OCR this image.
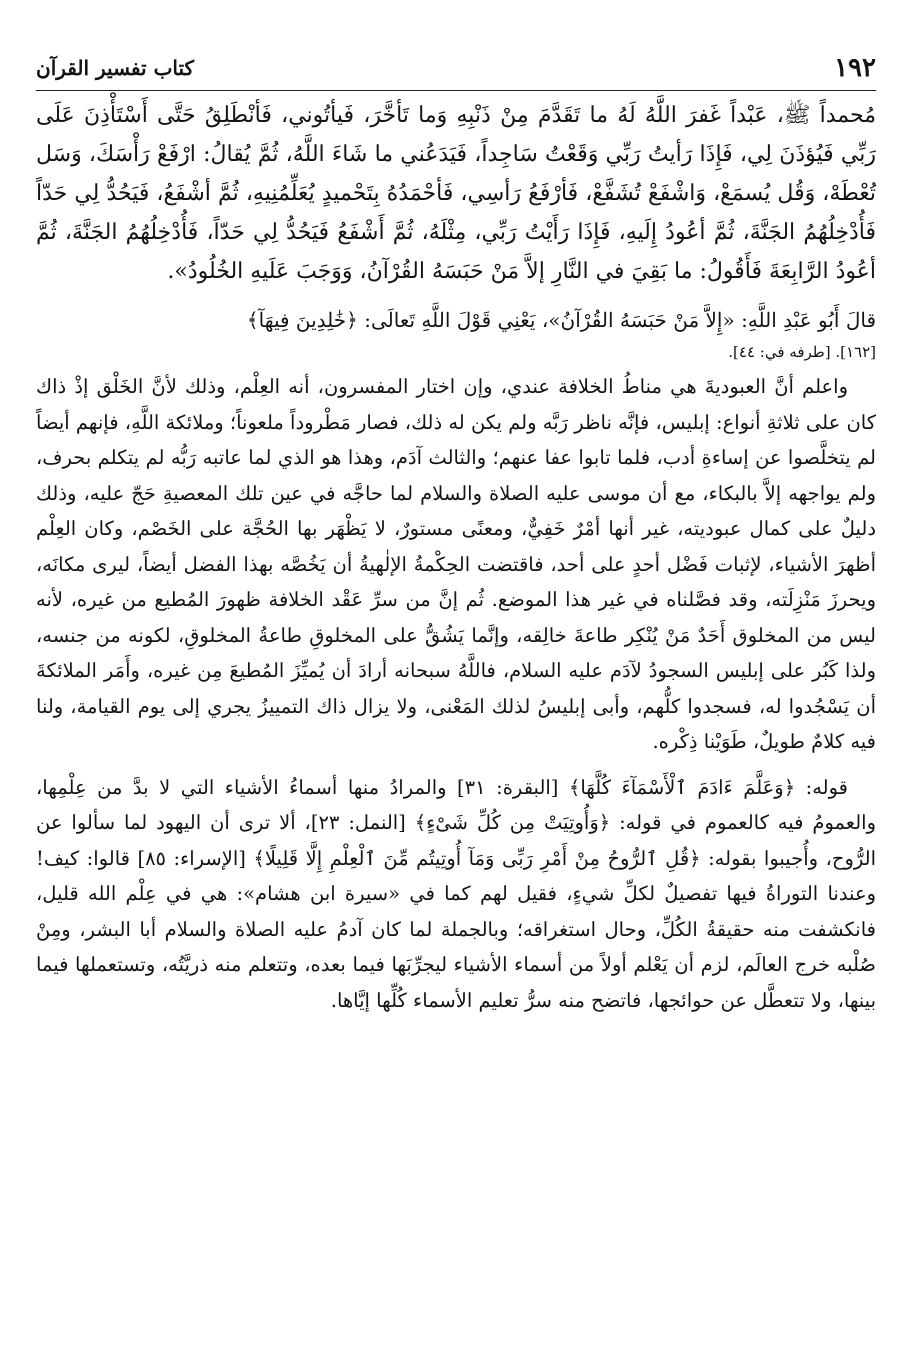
١٩٢
كتاب تفسير القرآن

مُحمداً ﷺ، عَبْداً غَفرَ اللَّهُ لَهُ ما تَقَدَّمَ مِنْ ذَنْبِهِ وَما تَأخَّرَ، فَيأتُوني، فَأنْطَلِقُ حَتَّى أَسْتَأْذِنَ عَلَى رَبِّي فَيُؤذَنَ لِي، فَإِذَا رَأيتُ رَبِّي وَقَعْتُ سَاجِداً، فَيَدَعُني ما شَاءَ اللَّهُ، ثُمَّ يُقالُ: ارْفَعْ رَأْسَكَ، وَسَل تُعْطَهْ، وَقُل يُسمَعْ، وَاشْفَعْ تُشَفَّعْ، فَأرْفَعُ رَأسِي، فَأحْمَدُهُ بِتَحْميدٍ يُعَلِّمُنِيهِ، ثُمَّ أشْفَعُ، فَيَحُدُّ لِي حَدّاً فَأُدْخِلُهُمُ الجَنَّةَ، ثُمَّ أعُودُ إِلَيهِ، فَإِذَا رَأَيْتُ رَبِّي، مِثْلَهُ، ثُمَّ أَشْفَعُ فَيَحُدُّ لِي حَدّاً، فَأُدْخِلُهُمُ الجَنَّةَ، ثُمَّ أعُودُ الرَّابِعَةَ فَأَقُولُ: ما بَقِيَ في النَّارِ إلاَّ مَنْ حَبَسَهُ القُرْآنُ، وَوَجَبَ عَلَيهِ الخُلُودُ».

قالَ أَبُو عَبْدِ اللَّهِ: «إِلاَّ مَنْ حَبَسَهُ القُرْآنُ»، يَعْنِي قَوْلَ اللَّهِ تَعالَى: ﴿خَٰلِدِينَ فِيهَآ﴾

[١٦٢]. [طرفه في: ٤٤].

واعلم أنَّ العبوديةَ هي مناطُ الخلافة عندي، وإن اختار المفسرون، أنه العِلْم، وذلك لأنَّ الخَلْق إذْ ذاك كان على ثلاثةِ أنواع: إبليس، فإنَّه ناظر رَبَّه ولم يكن له ذلك، فصار مَطْروداً ملعوناً؛ وملائكة اللَّهِ، فإنهم أيضاً لم يتخلَّصوا عن إساءةِ أدب، فلما تابوا عفا عنهم؛ والثالث آدَم، وهذا هو الذي لما عاتبه رَبُّه لم يتكلم بحرف، ولم يواجهه إلاَّ بالبكاء، مع أن موسى عليه الصلاة والسلام لما حاجَّه في عين تلك المعصيةِ حَجّ عليه، وذلك دليلٌ على كمال عبوديته، غير أنها أمْرٌ خَفِيٌّ، ومعنًى مستورٌ، لا يَظْهَر بها الحُجَّة على الخَصْم، وكان العِلْم أظهرَ الأشياء، لإثبات فَضْل أحدٍ على أحد، فاقتضت الحِكْمةُ الإلٰهيةُ أن يَخُصَّه بهذا الفضل أيضاً، ليرى مكانَه، ويحرزَ مَنْزِلَته، وقد فصَّلناه في غير هذا الموضع. ثُم إنَّ من سرِّ عَقْد الخلافة ظهورَ المُطيع من غيره، لأنه ليس من المخلوق أَحَدٌ مَنْ يُنْكِر طاعةَ خالِقه، وإنَّما يَشُقُّ على المخلوقِ طاعةُ المخلوقِ، لكونه من جنسه، ولذا كَبُر على إبليس السجودُ لآدَم عليه السلام، فاللَّهُ سبحانه أرادَ أن يُميِّزَ المُطيعَ مِن غيره، وأَمَر الملائكةَ أن يَسْجُدوا له، فسجدوا كلُّهم، وأبى إبليسُ لذلك المَعْنى، ولا يزال ذاك التمييزُ يجري إلى يوم القيامة، ولنا فيه كلامٌ طويلٌ، طَوَيْنا ذِكْره.

قوله: ﴿وَعَلَّمَ ءَادَمَ ٱلْأَسْمَآءَ كُلَّهَا﴾ [البقرة: ٣١] والمرادُ منها أسماءُ الأشياء التي لا بدَّ من عِلْمِها، والعمومُ فيه كالعموم في قوله: ﴿وَأُوتِيَتْ مِن كُلِّ شَىْءٍ﴾ [النمل: ٢٣]، ألا ترى أن اليهود لما سألوا عن الرُّوح، وأُجيبوا بقوله: ﴿قُلِ ٱلرُّوحُ مِنْ أَمْرِ رَبِّى وَمَآ أُوتِيتُم مِّنَ ٱلْعِلْمِ إِلَّا قَلِيلًا﴾ [الإسراء: ٨٥] قالوا: كيف! وعندنا التوراةُ فيها تفصيلٌ لكلِّ شيءٍ، فقيل لهم كما في «سيرة ابن هشام»: هي في عِلْم الله قليل، فانكشفت منه حقيقةُ الكُلِّ، وحال استغراقه؛ وبالجملة لما كان آدمُ عليه الصلاة والسلام أبا البشر، ومِنْ صُلْبه خرج العالَم، لزم أن يَعْلم أولاً من أسماء الأشياء ليجرِّبَها فيما بعده، وتتعلم منه ذريَّتُه، وتستعملها فيما بينها، ولا تتعطَّل عن حوائجها، فاتضح منه سرُّ تعليم الأسماء كُلِّها إيَّاها.
